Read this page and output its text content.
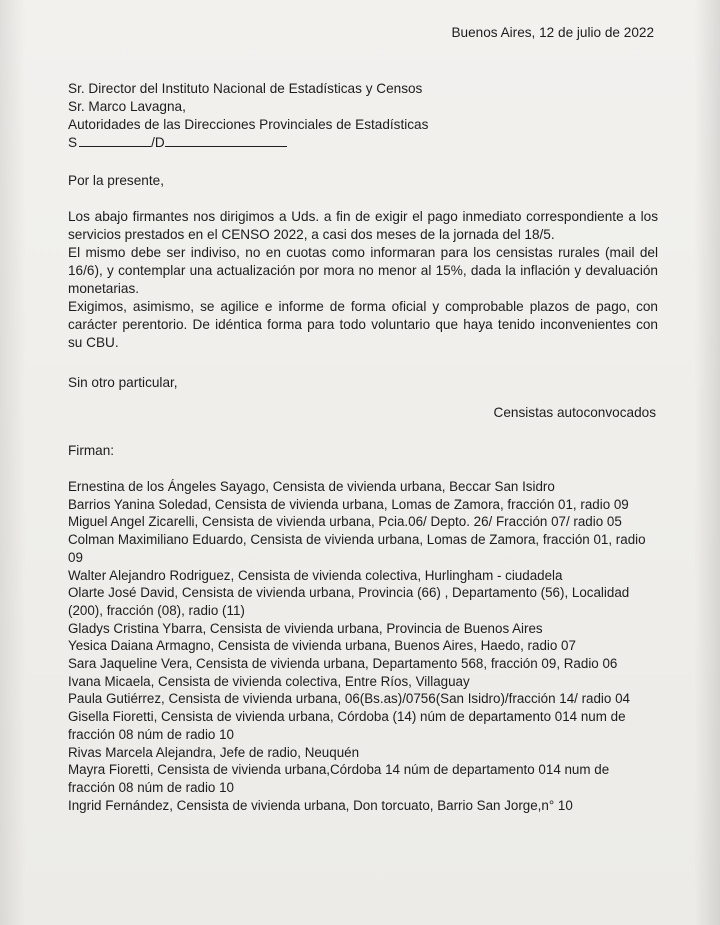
Buenos Aires, 12 de julio de 2022
Sr. Director del Instituto Nacional de Estadísticas y Censos
Sr. Marco Lavagna,
Autoridades de las Direcciones Provinciales de Estadísticas
S	/D
Por la presente,

Los abajo firmantes nos dirigimos a Uds. a fin de exigir el pago inmediato correspondiente a los servicios prestados en el CENSO 2022, a casi dos meses de la jornada del 18/5.

El mismo debe ser indiviso, no en cuotas como informaran para los censistas rurales (mail del 16/6), y contemplar una actualización por mora no menor al 15%, dada la inflación y devaluación monetarias.

Exigimos, asimismo, se agilice e informe de forma oficial y comprobable plazos de pago, con carácter perentorio. De idéntica forma para todo voluntario que haya tenido inconvenientes con su CBU.

Sin otro particular,
Censistas autoconvocados
Firman:

Ernestina de los Ángeles Sayago, Censista de vivienda urbana, Beccar San Isidro

Barrios Yanina Soledad, Censista de vivienda urbana, Lomas de Zamora, fracción 01, radio 09

Miguel Angel Zicarelli, Censista de vivienda urbana, Pcia.06/ Depto. 26/ Fracción 07/ radio 05

Colman Maximiliano Eduardo, Censista de vivienda urbana, Lomas de Zamora, fracción 01, radio 09

Walter Alejandro Rodriguez, Censista de vivienda colectiva, Hurlingham - ciudadela

Olarte José David, Censista de vivienda urbana, Provincia (66) , Departamento (56), Localidad (200), fracción (08), radio (11)

Gladys Cristina Ybarra, Censista de vivienda urbana, Provincia de Buenos Aires

Yesica Daiana Armagno, Censista de vivienda urbana, Buenos Aires, Haedo, radio 07

Sara Jaqueline Vera, Censista de vivienda urbana, Departamento 568, fracción 09, Radio 06

Ivana Micaela, Censista de vivienda colectiva, Entre Ríos, Villaguay

Paula Gutiérrez, Censista de vivienda urbana, 06(Bs.as)/0756(San Isidro)/fracción 14/ radio 04

Gisella Fioretti, Censista de vivienda urbana, Córdoba (14) núm de departamento 014 num de fracción 08 núm de radio 10

Rivas Marcela Alejandra, Jefe de radio, Neuquén

Mayra Fioretti, Censista de vivienda urbana,Córdoba 14 núm de departamento 014 num de fracción 08 núm de radio 10

Ingrid Fernández, Censista de vivienda urbana, Don torcuato, Barrio San Jorge,n° 10
